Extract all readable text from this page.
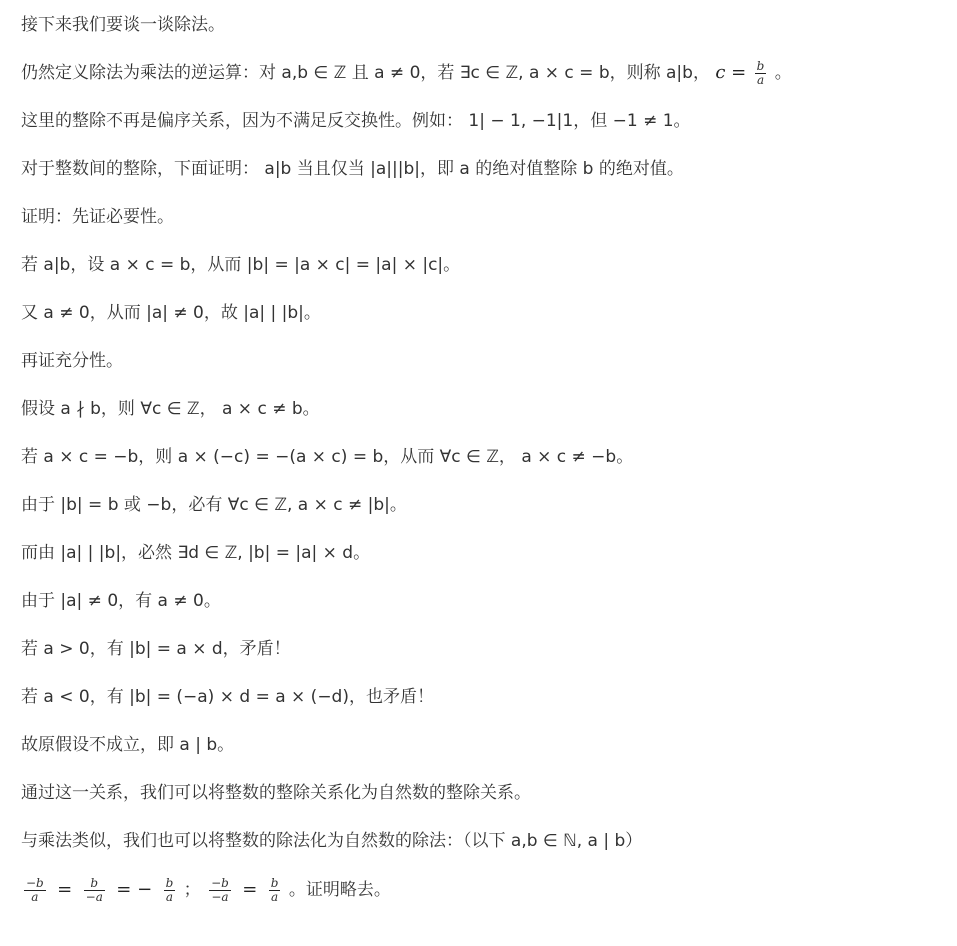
接下来我们要谈一谈除法。
仍然定义除法为乘法的逆运算：对 a,b ∈ ℤ 且 a ≠ 0，若 ∃c ∈ ℤ, a × c = b，则称 a|b， $c = \frac{b}{a}$ 。
这里的整除不再是偏序关系，因为不满足反交换性。例如： 1| − 1, −1|1，但 −1 ≠ 1。
对于整数间的整除，下面证明： a|b 当且仅当 |a|||b|，即 a 的绝对值整除 b 的绝对值。
证明：先证必要性。
若 a|b，设 a × c = b，从而 |b| = |a × c| = |a| × |c|。
又 a ≠ 0，从而 |a| ≠ 0，故 |a| | |b|。
再证充分性。
假设 a ∤ b，则 ∀c ∈ ℤ， a × c ≠ b。
若 a × c = −b，则 a × (−c) = −(a × c) = b，从而 ∀c ∈ ℤ， a × c ≠ −b。
由于 |b| = b 或 −b，必有 ∀c ∈ ℤ, a × c ≠ |b|。
而由 |a| | |b|，必然 ∃d ∈ ℤ, |b| = |a| × d。
由于 |a| ≠ 0，有 a ≠ 0。
若 a > 0，有 |b| = a × d，矛盾！
若 a < 0，有 |b| = (−a) × d = a × (−d)，也矛盾！
故原假设不成立，即 a | b。
通过这一关系，我们可以将整数的整除关系化为自然数的整除关系。
与乘法类似，我们也可以将整数的除法化为自然数的除法：（以下 a,b ∈ ℕ, a | b）
$\frac{-b}{a} = \frac{b}{-a}$ = − $\frac{b}{a}$ ； $\frac{-b}{-a} = \frac{b}{a}$ 。证明略去。
